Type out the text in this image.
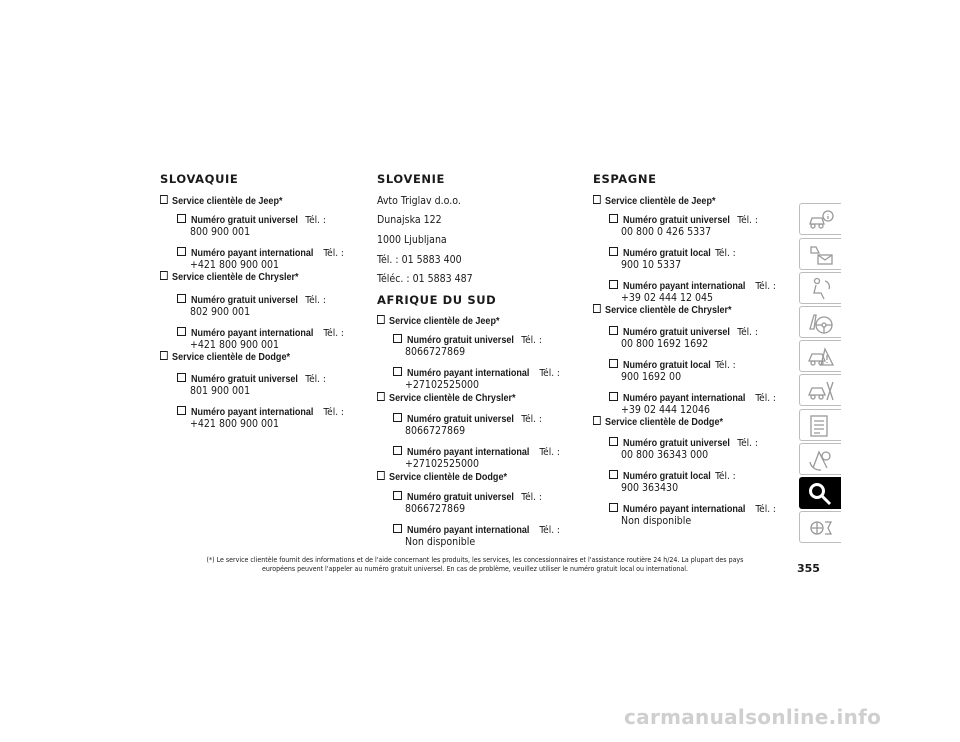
SLOVAQUIE
Service clientèle de Jeep*
Numéro gratuit universel Tél. :
800 900 001
Numéro payant international Tél. :
+421 800 900 001
Service clientèle de Chrysler*
Numéro gratuit universel Tél. :
802 900 001
Numéro payant international Tél. :
+421 800 900 001
Service clientèle de Dodge*
Numéro gratuit universel Tél. :
801 900 001
Numéro payant international Tél. :
+421 800 900 001
SLOVENIE
Avto Triglav d.o.o.
Dunajska 122
1000 Ljubljana
Tél. : 01 5883 400
Téléc. : 01 5883 487
AFRIQUE DU SUD
Service clientèle de Jeep*
Numéro gratuit universel Tél. :
8066727869
Numéro payant international Tél. :
+27102525000
Service clientèle de Chrysler*
Numéro gratuit universel Tél. :
8066727869
Numéro payant international Tél. :
+27102525000
Service clientèle de Dodge*
Numéro gratuit universel Tél. :
8066727869
Numéro payant international Tél. :
Non disponible
ESPAGNE
Service clientèle de Jeep*
Numéro gratuit universel Tél. :
00 800 0 426 5337
Numéro gratuit local Tél. :
900 10 5337
Numéro payant international Tél. :
+39 02 444 12 045
Service clientèle de Chrysler*
Numéro gratuit universel Tél. :
00 800 1692 1692
Numéro gratuit local Tél. :
900 1692 00
Numéro payant international Tél. :
+39 02 444 12046
Service clientèle de Dodge*
Numéro gratuit universel Tél. :
00 800 36343 000
Numéro gratuit local Tél. :
900 363430
Numéro payant international Tél. :
Non disponible
(*) Le service clientèle fournit des informations et de l'aide concernant les produits, les services, les concessionnaires et l'assistance routière 24 h/24. La plupart des pays
européens peuvent l'appeler au numéro gratuit universel. En cas de problème, veuillez utiliser le numéro gratuit local ou international.	355
carmanualsonline.info
